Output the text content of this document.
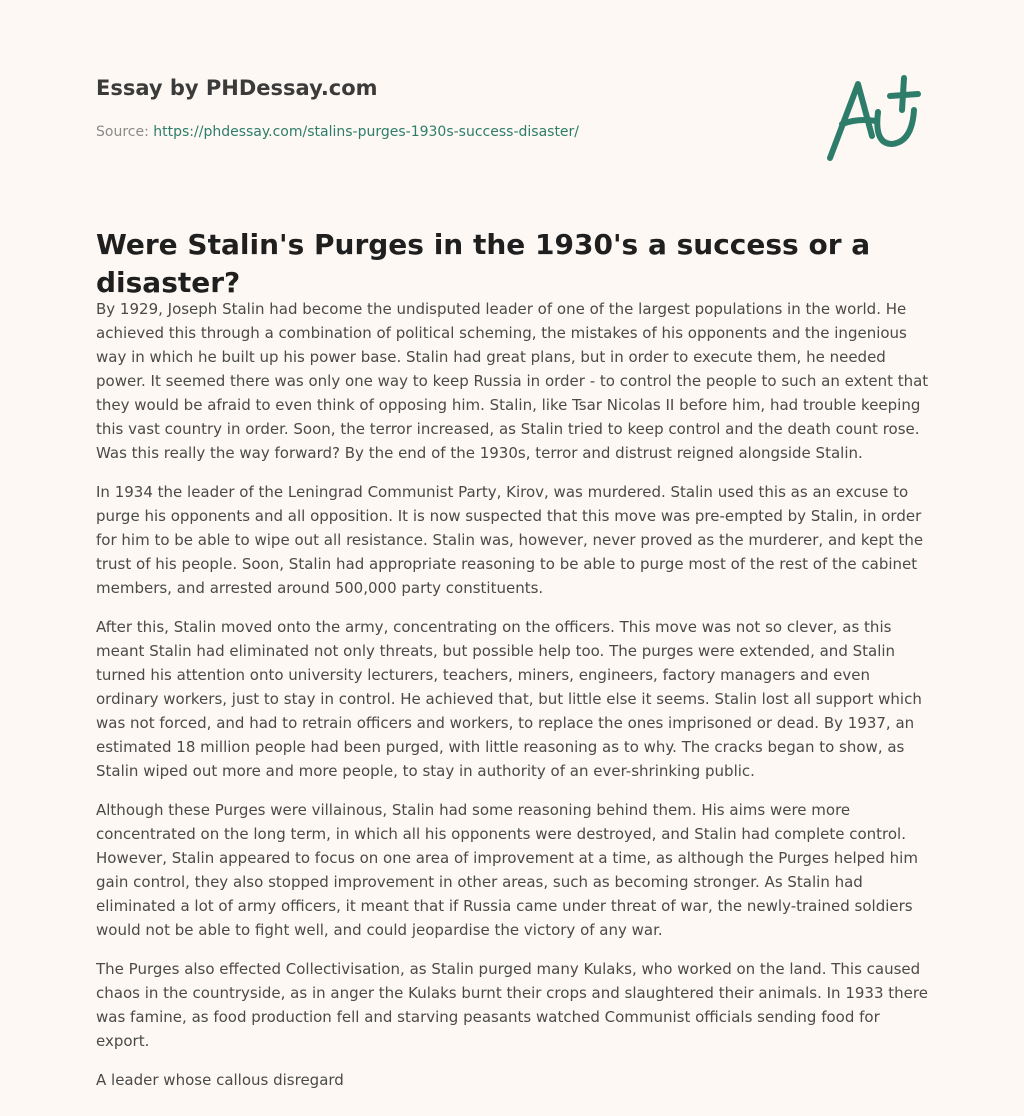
Essay by PHDessay.com
Source: https://phdessay.com/stalins-purges-1930s-success-disaster/
Were Stalin's Purges in the 1930's a success or a disaster?

By 1929, Joseph Stalin had become the undisputed leader of one of the largest populations in the world. He achieved this through a combination of political scheming, the mistakes of his opponents and the ingenious way in which he built up his power base. Stalin had great plans, but in order to execute them, he needed power. It seemed there was only one way to keep Russia in order - to control the people to such an extent that they would be afraid to even think of opposing him. Stalin, like Tsar Nicolas II before him, had trouble keeping this vast country in order. Soon, the terror increased, as Stalin tried to keep control and the death count rose. Was this really the way forward? By the end of the 1930s, terror and distrust reigned alongside Stalin.

In 1934 the leader of the Leningrad Communist Party, Kirov, was murdered. Stalin used this as an excuse to purge his opponents and all opposition. It is now suspected that this move was pre-empted by Stalin, in order for him to be able to wipe out all resistance. Stalin was, however, never proved as the murderer, and kept the trust of his people. Soon, Stalin had appropriate reasoning to be able to purge most of the rest of the cabinet members, and arrested around 500,000 party constituents.

After this, Stalin moved onto the army, concentrating on the officers. This move was not so clever, as this meant Stalin had eliminated not only threats, but possible help too. The purges were extended, and Stalin turned his attention onto university lecturers, teachers, miners, engineers, factory managers and even ordinary workers, just to stay in control. He achieved that, but little else it seems. Stalin lost all support which was not forced, and had to retrain officers and workers, to replace the ones imprisoned or dead. By 1937, an estimated 18 million people had been purged, with little reasoning as to why. The cracks began to show, as Stalin wiped out more and more people, to stay in authority of an ever-shrinking public.

Although these Purges were villainous, Stalin had some reasoning behind them. His aims were more concentrated on the long term, in which all his opponents were destroyed, and Stalin had complete control. However, Stalin appeared to focus on one area of improvement at a time, as although the Purges helped him gain control, they also stopped improvement in other areas, such as becoming stronger. As Stalin had eliminated a lot of army officers, it meant that if Russia came under threat of war, the newly-trained soldiers would not be able to fight well, and could jeopardise the victory of any war.

The Purges also effected Collectivisation, as Stalin purged many Kulaks, who worked on the land. This caused chaos in the countryside, as in anger the Kulaks burnt their crops and slaughtered their animals. In 1933 there was famine, as food production fell and starving peasants watched Communist officials sending food for export.

A leader whose callous disregard
